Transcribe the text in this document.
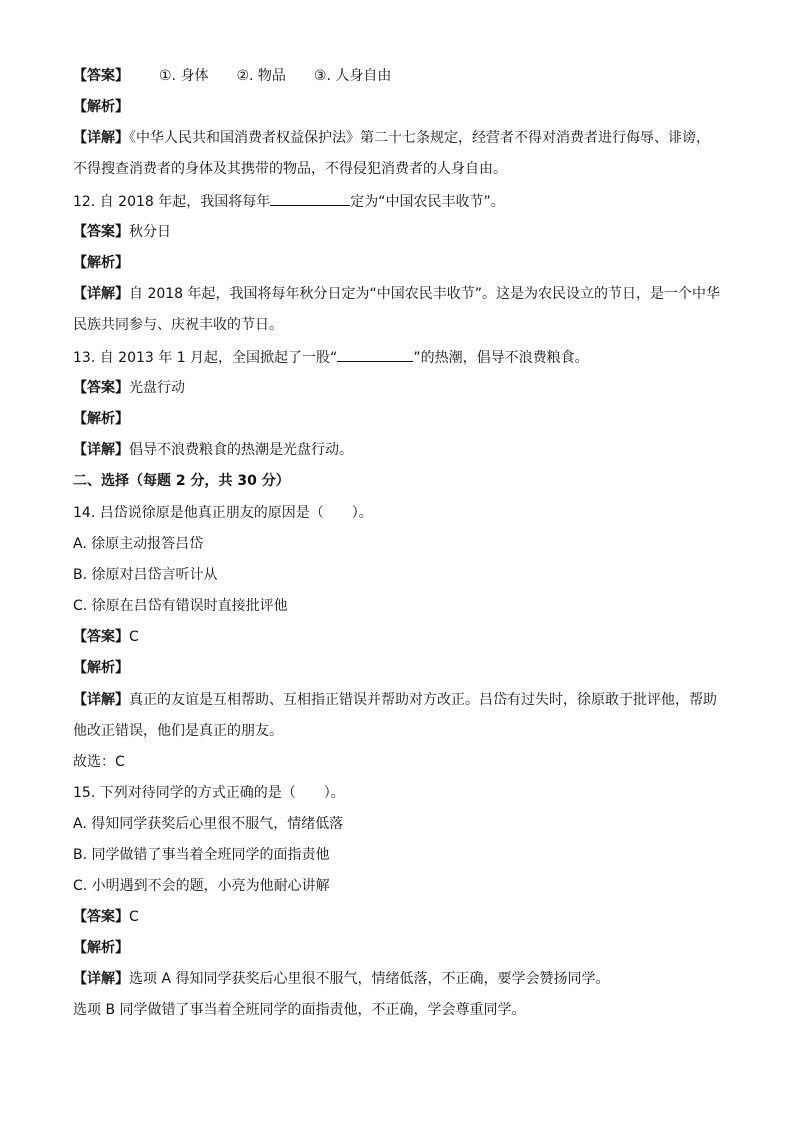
【答案】 ①. 身体 ②. 物品 ③. 人身自由
【解析】
【详解】《中华人民共和国消费者权益保护法》第二十七条规定，经营者不得对消费者进行侮辱、诽谤，
不得搜查消费者的身体及其携带的物品，不得侵犯消费者的人身自由。
12. 自 2018 年起，我国将每年	定为“中国农民丰收节”。
【答案】秋分日
【解析】
【详解】自 2018 年起，我国将每年秋分日定为“中国农民丰收节”。这是为农民设立的节日，是一个中华
民族共同参与、庆祝丰收的节日。
13. 自 2013 年 1 月起，全国掀起了一股“	”的热潮，倡导不浪费粮食。
【答案】光盘行动
【解析】
【详解】倡导不浪费粮食的热潮是光盘行动。
二、选择（每题 2 分，共 30 分）
14. 吕岱说徐原是他真正朋友的原因是（　　）。
A. 徐原主动报答吕岱
B. 徐原对吕岱言听计从
C. 徐原在吕岱有错误时直接批评他
【答案】C
【解析】
【详解】真正的友谊是互相帮助、互相指正错误并帮助对方改正。吕岱有过失时，徐原敢于批评他，帮助
他改正错误，他们是真正的朋友。
故选：C
15. 下列对待同学的方式正确的是（　　）。
A. 得知同学获奖后心里很不服气，情绪低落
B. 同学做错了事当着全班同学的面指责他
C. 小明遇到不会的题，小亮为他耐心讲解
【答案】C
【解析】
【详解】选项 A 得知同学获奖后心里很不服气，情绪低落，不正确，要学会赞扬同学。
选项 B 同学做错了事当着全班同学的面指责他，不正确，学会尊重同学。
